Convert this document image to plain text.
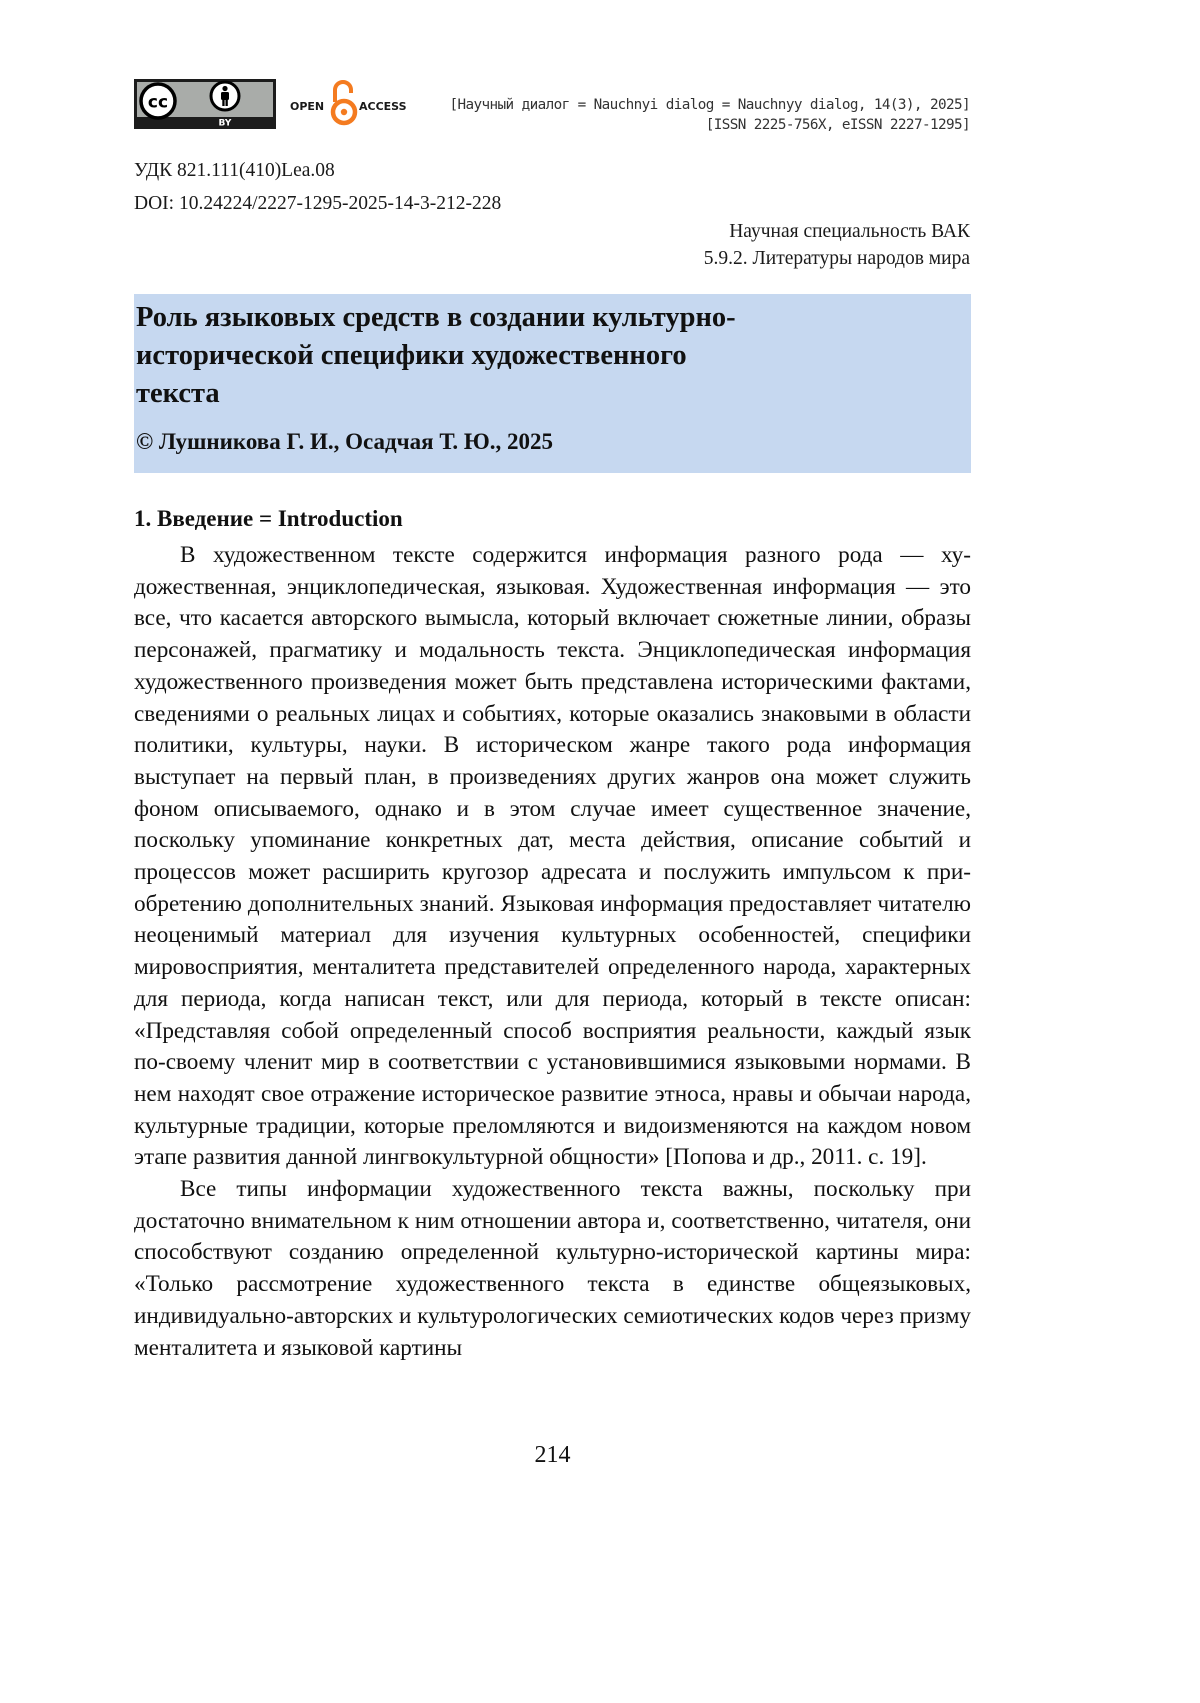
cc
BY
OPEN	ACCESS	[Научный диалог = Nauchnyi dialog = Nauchnyy dialog, 14(3), 2025]
[ISSN 2225-756X, eISSN 2227-1295]
УДК 821.111(410)Lea.08
DOI: 10.24224/2227-1295-2025-14-3-212-228
Научная специальность ВАК
5.9.2. Литературы народов мира
Роль языковых средств в создании культурно-исторической специфики художественного текста
© Лушникова Г. И., Осадчая Т. Ю., 2025
1. Введение = Introduction

В художественном тексте содержится информация разного рода — ху­дожественная, энциклопедическая, языковая. Художественная информа­ция — это все, что касается авторского вымысла, который включает сю­жетные линии, образы персонажей, прагматику и модальность текста. Эн­циклопедическая информация художественного произведения может быть представлена историческими фактами, сведениями о реальных лицах и со­бытиях, которые оказались знаковыми в области политики, культуры, на­уки. В историческом жанре такого рода информация выступает на первый план, в произведениях других жанров она может служить фоном описы­ваемого, однако и в этом случае имеет существенное значение, поскольку упоминание конкретных дат, места действия, описание событий и процес­сов может расширить кругозор адресата и послужить импульсом к при­обретению дополнительных знаний. Языковая информация предоставляет читателю неоценимый материал для изучения культурных особенностей, специфики мировосприятия, менталитета представителей определенного народа, характерных для периода, когда написан текст, или для периода, который в тексте описан: «Представляя собой определенный способ вос­приятия реальности, каждый язык по-своему членит мир в соответствии с установившимися языковыми нормами. В нем находят свое отражение историческое развитие этноса, нравы и обычаи народа, культурные тра­диции, которые преломляются и видоизменяются на каждом новом этапе развития данной лингвокультурной общности» [Попова и др., 2011. с. 19].

Все типы информации художественного текста важны, поскольку при достаточно внимательном к ним отношении автора и, соответствен­но, читателя, они способствуют созданию определенной культурно-исто­рической картины мира: «Только рассмотрение художественного текста в единстве общеязыковых, индивидуально-авторских и культурологиче­ских семиотических кодов через призму менталитета и языковой картины

214
